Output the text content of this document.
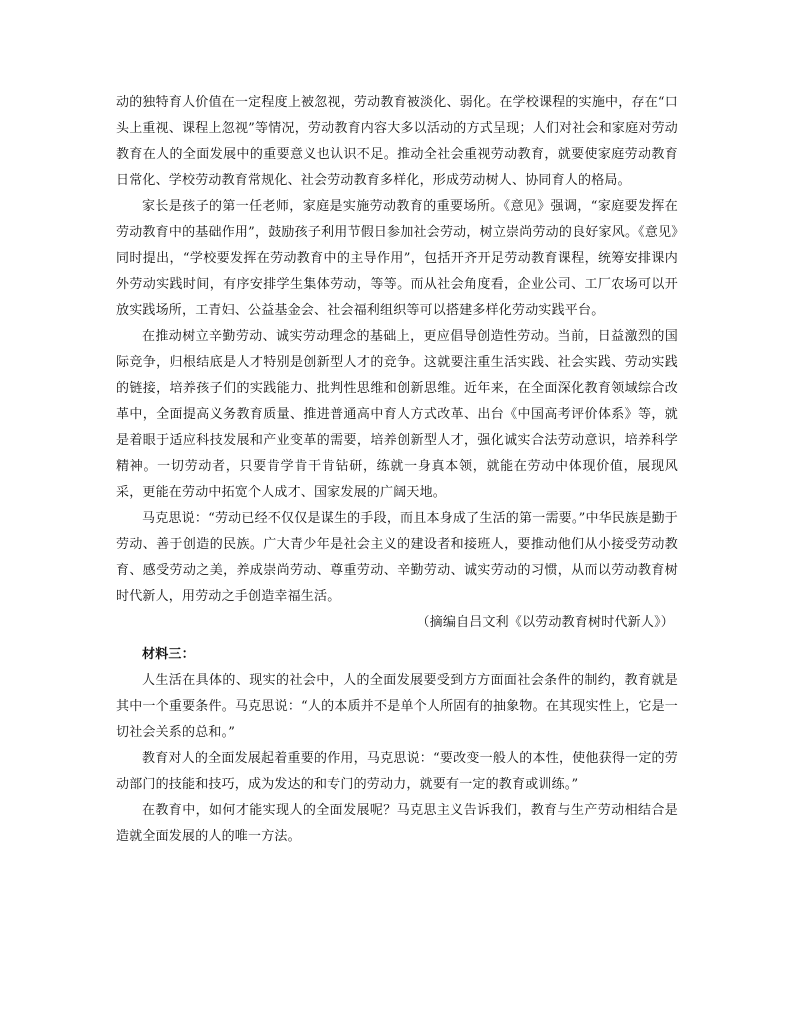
动的独特育人价值在一定程度上被忽视，劳动教育被淡化、弱化。在学校课程的实施中，存在“口头上重视、课程上忽视”等情况，劳动教育内容大多以活动的方式呈现；人们对社会和家庭对劳动教育在人的全面发展中的重要意义也认识不足。推动全社会重视劳动教育，就要使家庭劳动教育日常化、学校劳动教育常规化、社会劳动教育多样化，形成劳动树人、协同育人的格局。

家长是孩子的第一任老师，家庭是实施劳动教育的重要场所。《意见》强调，“家庭要发挥在劳动教育中的基础作用”，鼓励孩子利用节假日参加社会劳动，树立崇尚劳动的良好家风。《意见》同时提出，“学校要发挥在劳动教育中的主导作用”，包括开齐开足劳动教育课程，统筹安排课内外劳动实践时间，有序安排学生集体劳动，等等。而从社会角度看，企业公司、工厂农场可以开放实践场所，工青妇、公益基金会、社会福利组织等可以搭建多样化劳动实践平台。

在推动树立辛勤劳动、诚实劳动理念的基础上，更应倡导创造性劳动。当前，日益激烈的国际竞争，归根结底是人才特别是创新型人才的竞争。这就要注重生活实践、社会实践、劳动实践的链接，培养孩子们的实践能力、批判性思维和创新思维。近年来，在全面深化教育领域综合改革中，全面提高义务教育质量、推进普通高中育人方式改革、出台《中国高考评价体系》等，就是着眼于适应科技发展和产业变革的需要，培养创新型人才，强化诚实合法劳动意识，培养科学精神。一切劳动者，只要肯学肯干肯钻研，练就一身真本领，就能在劳动中体现价值，展现风采，更能在劳动中拓宽个人成才、国家发展的广阔天地。

马克思说：“劳动已经不仅仅是谋生的手段，而且本身成了生活的第一需要。”中华民族是勤于劳动、善于创造的民族。广大青少年是社会主义的建设者和接班人，要推动他们从小接受劳动教育、感受劳动之美，养成崇尚劳动、尊重劳动、辛勤劳动、诚实劳动的习惯，从而以劳动教育树时代新人，用劳动之手创造幸福生活。

（摘编自吕文利《以劳动教育树时代新人》）

材料三：

人生活在具体的、现实的社会中，人的全面发展要受到方方面面社会条件的制约，教育就是其中一个重要条件。马克思说：“人的本质并不是单个人所固有的抽象物。在其现实性上，它是一切社会关系的总和。”

教育对人的全面发展起着重要的作用，马克思说：“要改变一般人的本性，使他获得一定的劳动部门的技能和技巧，成为发达的和专门的劳动力，就要有一定的教育或训练。”

在教育中，如何才能实现人的全面发展呢？马克思主义告诉我们，教育与生产劳动相结合是造就全面发展的人的唯一方法。
